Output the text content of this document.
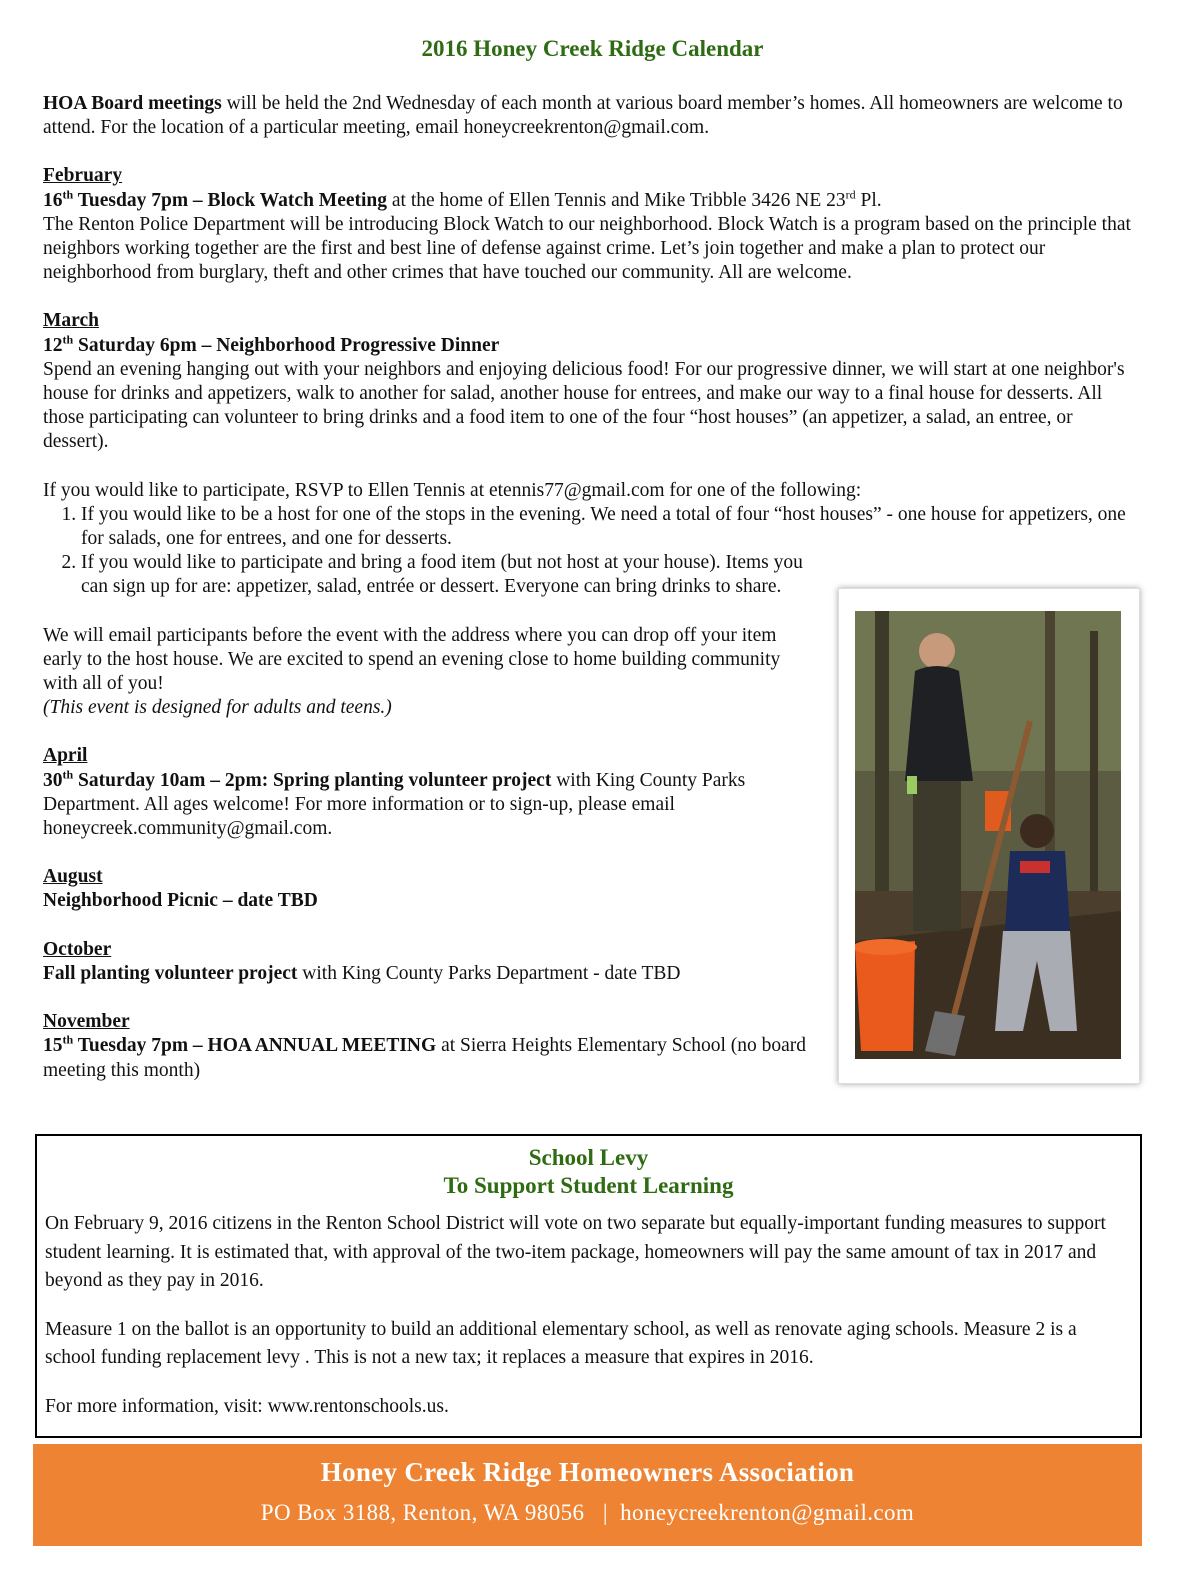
2016 Honey Creek Ridge Calendar

HOA Board meetings will be held the 2nd Wednesday of each month at various board member’s homes. All homeowners are welcome to attend. For the location of a particular meeting, email honeycreekrenton@gmail.com.

February

16th Tuesday 7pm – Block Watch Meeting at the home of Ellen Tennis and Mike Tribble 3426 NE 23rd Pl.

The Renton Police Department will be introducing Block Watch to our neighborhood. Block Watch is a program based on the principle that neighbors working together are the first and best line of defense against crime. Let’s join together and make a plan to protect our neighborhood from burglary, theft and other crimes that have touched our community. All are welcome.

March

12th Saturday 6pm – Neighborhood Progressive Dinner

Spend an evening hanging out with your neighbors and enjoying delicious food! For our progressive dinner, we will start at one neighbor's house for drinks and appetizers, walk to another for salad, another house for entrees, and make our way to a final house for desserts. All those participating can volunteer to bring drinks and a food item to one of the four “host houses” (an appetizer, a salad, an entree, or dessert).

If you would like to participate, RSVP to Ellen Tennis at etennis77@gmail.com for one of the following:

1. If you would like to be a host for one of the stops in the evening. We need a total of four “host houses” - one house for appetizers, one for salads, one for entrees, and one for desserts.
2. If you would like to participate and bring a food item (but not host at your house). Items you can sign up for are: appetizer, salad, entrée or dessert. Everyone can bring drinks to share.

We will email participants before the event with the address where you can drop off your item early to the host house. We are excited to spend an evening close to home building community with all of you!

(This event is designed for adults and teens.)

April

30th Saturday 10am – 2pm: Spring planting volunteer project with King County Parks Department. All ages welcome! For more information or to sign-up, please email honeycreek.community@gmail.com.

August

Neighborhood Picnic – date TBD

October

Fall planting volunteer project with King County Parks Department - date TBD

November

15th Tuesday 7pm – HOA ANNUAL MEETING at Sierra Heights Elementary School (no board meeting this month)

School Levy
To Support Student Learning

On February 9, 2016 citizens in the Renton School District will vote on two separate but equally-important funding measures to support student learning. It is estimated that, with approval of the two-item package, homeowners will pay the same amount of tax in 2017 and beyond as they pay in 2016.

Measure 1 on the ballot is an opportunity to build an additional elementary school, as well as renovate aging schools. Measure 2 is a school funding replacement levy . This is not a new tax; it replaces a measure that expires in 2016.

For more information, visit: www.rentonschools.us.

Honey Creek Ridge Homeowners Association
PO Box 3188, Renton, WA 98056   |  honeycreekrenton@gmail.com
